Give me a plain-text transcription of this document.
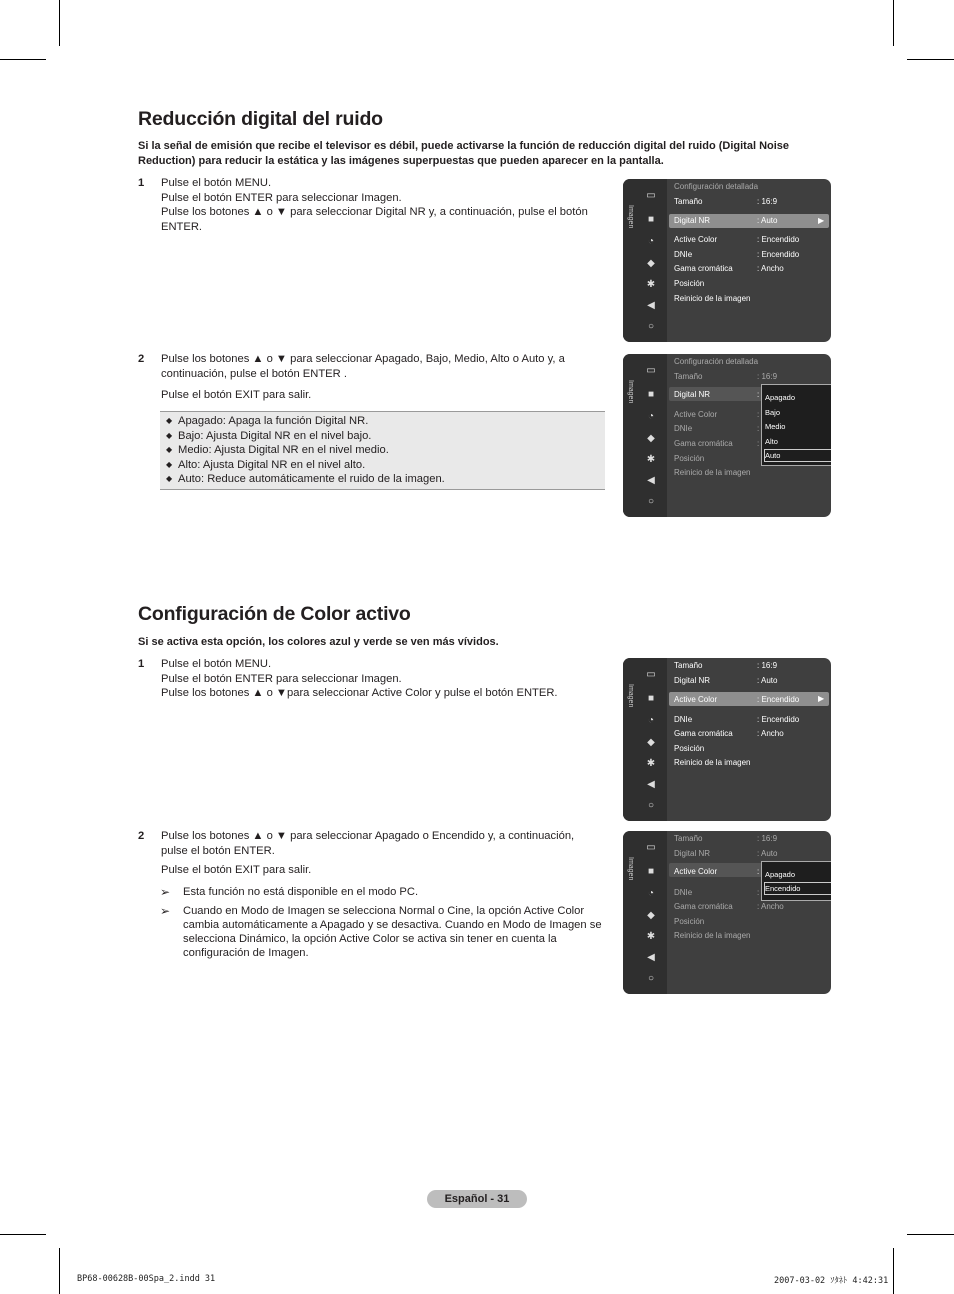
Reducción digital del ruido
Si la señal de emisión que recibe el televisor es débil, puede activarse la función de reducción digital del ruido (Digital Noise Reduction) para reducir la estática y las imágenes superpuestas que pueden aparecer en la pantalla.
1 Pulse el botón MENU.
Pulse el botón ENTER para seleccionar Imagen.
Pulse los botones ▲ o ▼ para seleccionar Digital NR y, a continuación, pulse el botón
ENTER.
2 Pulse los botones ▲ o ▼ para seleccionar Apagado, Bajo, Medio, Alto o Auto y, a
continuación, pulse el botón ENTER .
Pulse el botón EXIT para salir.
◆ Apagado: Apaga la función Digital NR.
◆ Bajo: Ajusta Digital NR en el nivel bajo.
◆ Medio: Ajusta Digital NR en el nivel medio.
◆ Alto: Ajusta Digital NR en el nivel alto.
◆ Auto: Reduce automáticamente el ruido de la imagen.
Configuración de Color activo
Si se activa esta opción, los colores azul y verde se ven más vívidos.
1 Pulse el botón MENU.
Pulse el botón ENTER para seleccionar Imagen.
Pulse los botones ▲ o ▼para seleccionar Active Color y pulse el botón ENTER.
2 Pulse los botones ▲ o ▼ para seleccionar Apagado o Encendido y, a continuación,
pulse el botón ENTER.
Pulse el botón EXIT para salir.
➢ Esta función no está disponible en el modo PC.
➢ Cuando en Modo de Imagen se selecciona Normal o Cine, la opción Active Color cambia automáticamente a Apagado y se desactiva. Cuando en Modo de Imagen se selecciona Dinámico, la opción Active Color se activa sin tener en cuenta la configuración de Imagen.
Imagen
▭
■
◔
◆
✱
◀
○
Configuración detallada
▶
Tamaño	: 16:9
Digital NR	: Auto
Active Color	: Encendido
DNIe	: Encendido
Gama cromática	: Ancho
Posición
Reinicio de la imagen
Imagen
▭
■
◔
◆
✱
◀
○
Configuración detallada
Tamaño	: 16:9
Digital NR	:
Active Color	:
DNIe	:
Gama cromática	:
Posición
Reinicio de la imagen
Apagado
Bajo
Medio
Alto
Auto
Imagen
▭
■
◔
◆
✱
◀
○
▶
Tamaño	: 16:9
Digital NR	: Auto
Active Color	: Encendido
DNIe	: Encendido
Gama cromática	: Ancho
Posición
Reinicio de la imagen
Imagen
▭
■
◔
◆
✱
◀
○
Tamaño	: 16:9
Digital NR	: Auto
Active Color	:
DNIe	:
Gama cromática	: Ancho
Posición
Reinicio de la imagen
Apagado
Encendido
Español - 31
BP68-00628B-00Spa_2.indd 31	2007-03-02 ｿﾀﾈﾄ 4:42:31
